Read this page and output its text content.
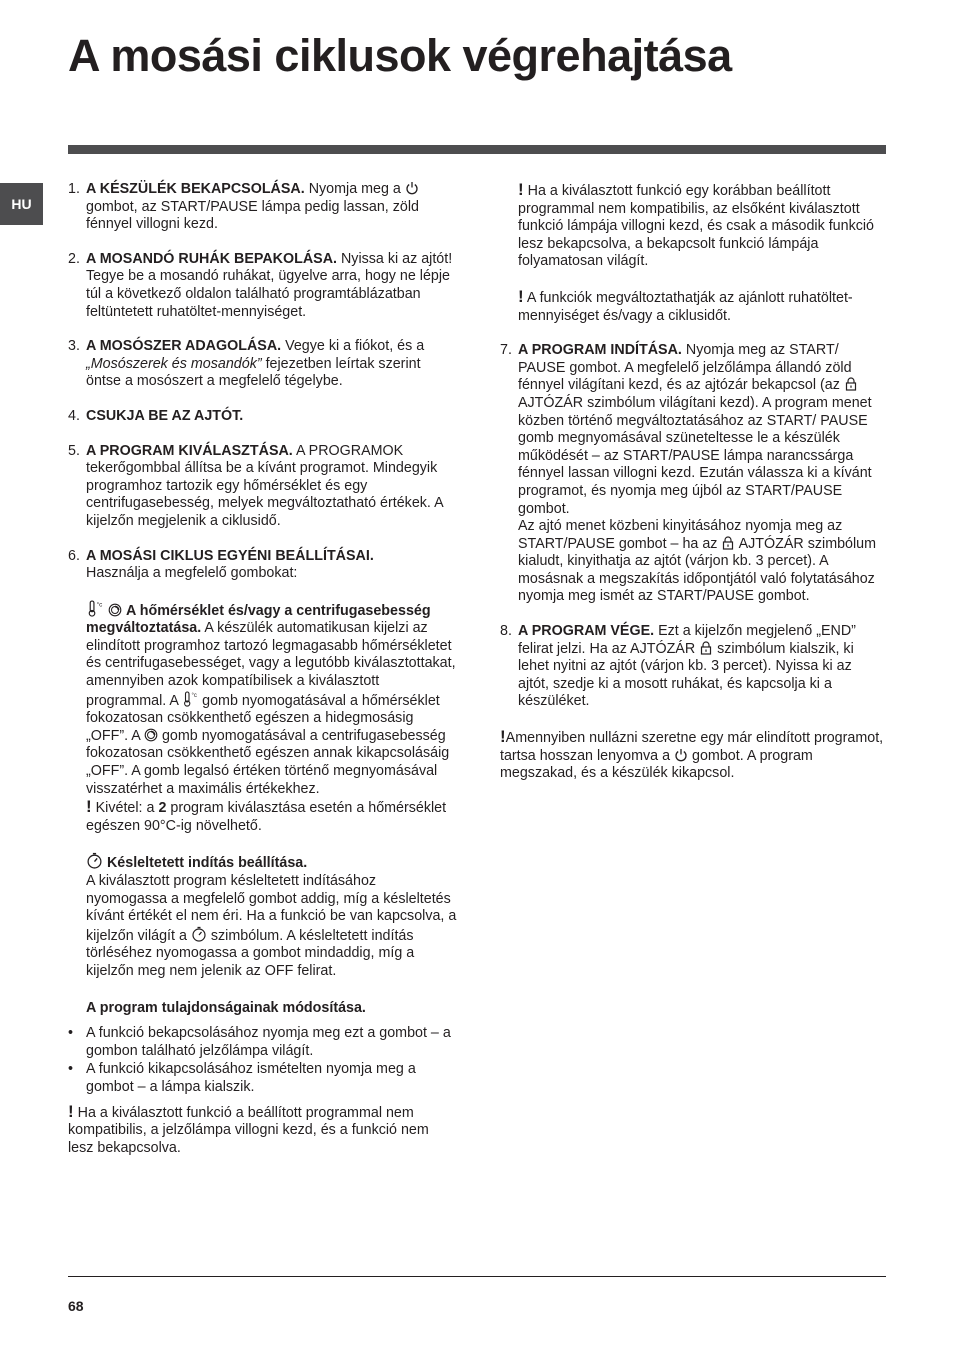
A mosási ciklusok végrehajtása
HU
1. A KÉSZÜLÉK BEKAPCSOLÁSA. Nyomja meg a  gombot, az START/PAUSE lámpa pedig lassan, zöld fénnyel villogni kezd.
2. A MOSANDÓ RUHÁK BEPAKOLÁSA. Nyissa ki az ajtót! Tegye be a mosandó ruhákat, ügyelve arra, hogy ne lépje túl a következő oldalon található programtáblázatban feltüntetett ruhatöltet-mennyiséget.
3. A MOSÓSZER ADAGOLÁSA. Vegye ki a fiókot, és a „Mosószerek és mosandók” fejezetben leírtak szerint öntse a mosószert a megfelelő tégelybe.
4. CSUKJA BE AZ AJTÓT.
5. A PROGRAM KIVÁLASZTÁSA. A PROGRAMOK tekerőgombbal állítsa be a kívánt programot. Mindegyik programhoz tartozik egy hőmérséklet és egy centrifugasebesség, melyek megváltoztatható értékek. A kijelzőn megjelenik a ciklusidő.
6. A MOSÁSI CIKLUS EGYÉNI BEÁLLÍTÁSAI.
Használja a megfelelő gombokat:
°c A hőmérséklet és/vagy a centrifugasebesség megváltoztatása. A készülék automatikusan kijelzi az elindított programhoz tartozó legmagasabb hőmérsékletet és centrifugasebességet, vagy a legutóbb kiválasztottakat, amennyiben azok kompatíbilisek a kiválasztott programmal. A °c gomb nyomogatásával a hőmérséklet fokozatosan csökkenthető egészen a hidegmosásig „OFF”. A  gomb nyomogatásával a centrifugasebesség fokozatosan csökkenthető egészen annak kikapcsolásáig „OFF”. A gomb legalsó értéken történő megnyomásával visszatérhet a maximális értékekhez.
! Kivétel: a 2 program kiválasztása esetén a hőmérséklet egészen 90°C-ig növelhető.
Késleltetett indítás beállítása.
A kiválasztott program késleltetett indításához nyomogassa a megfelelő gombot addig, míg a késleltetés kívánt értékét el nem éri. Ha a funkció be van kapcsolva, a kijelzőn világít a  szimbólum. A késleltetett indítás törléséhez nyomogassa a gombot mindaddig, míg a kijelzőn meg nem jelenik az OFF felirat.
A program tulajdonságainak módosítása.
• A funkció bekapcsolásához nyomja meg ezt a gombot – a gombon található jelzőlámpa világít.
• A funkció kikapcsolásához ismételten nyomja meg a gombot – a lámpa kialszik.
! Ha a kiválasztott funkció a beállított programmal nem kompatibilis, a jelzőlámpa villogni kezd, és a funkció nem lesz bekapcsolva.
! Ha a kiválasztott funkció egy korábban beállított programmal nem kompatibilis, az elsőként kiválasztott funkció lámpája villogni kezd, és csak a második funkció lesz bekapcsolva, a bekapcsolt funkció lámpája folyamatosan világít.
! A funkciók megváltoztathatják az ajánlott ruhatöltet-mennyiséget és/vagy a ciklusidőt.
7. A PROGRAM INDÍTÁSA. Nyomja meg az START/ PAUSE gombot. A megfelelő jelzőlámpa állandó zöld fénnyel világítani kezd, és az ajtózár bekapcsol (az AJTÓZÁR szimbólum világítani kezd). A program menet közben történő megváltoztatásához az START/ PAUSE gomb megnyomásával szüneteltesse le a készülék működését – az START/PAUSE lámpa narancssárga fénnyel lassan villogni kezd. Ezután válassza ki a kívánt programot, és nyomja meg újból az START/PAUSE gombot.
Az ajtó menet közbeni kinyitásához nyomja meg az START/PAUSE gombot – ha az  AJTÓZÁR szimbólum kialudt, kinyithatja az ajtót (várjon kb. 3 percet). A mosásnak a megszakítás időpontjától való folytatásához nyomja meg ismét az START/PAUSE gombot.
8. A PROGRAM VÉGE. Ezt a kijelzőn megjelenő „END” felirat jelzi. Ha az AJTÓZÁR  szimbólum kialszik, ki lehet nyitni az ajtót (várjon kb. 3 percet). Nyissa ki az ajtót, szedje ki a mosott ruhákat, és kapcsolja ki a készüléket.
!Amennyiben nullázni szeretne egy már elindított programot, tartsa hosszan lenyomva a  gombot. A program megszakad, és a készülék kikapcsol.
68
